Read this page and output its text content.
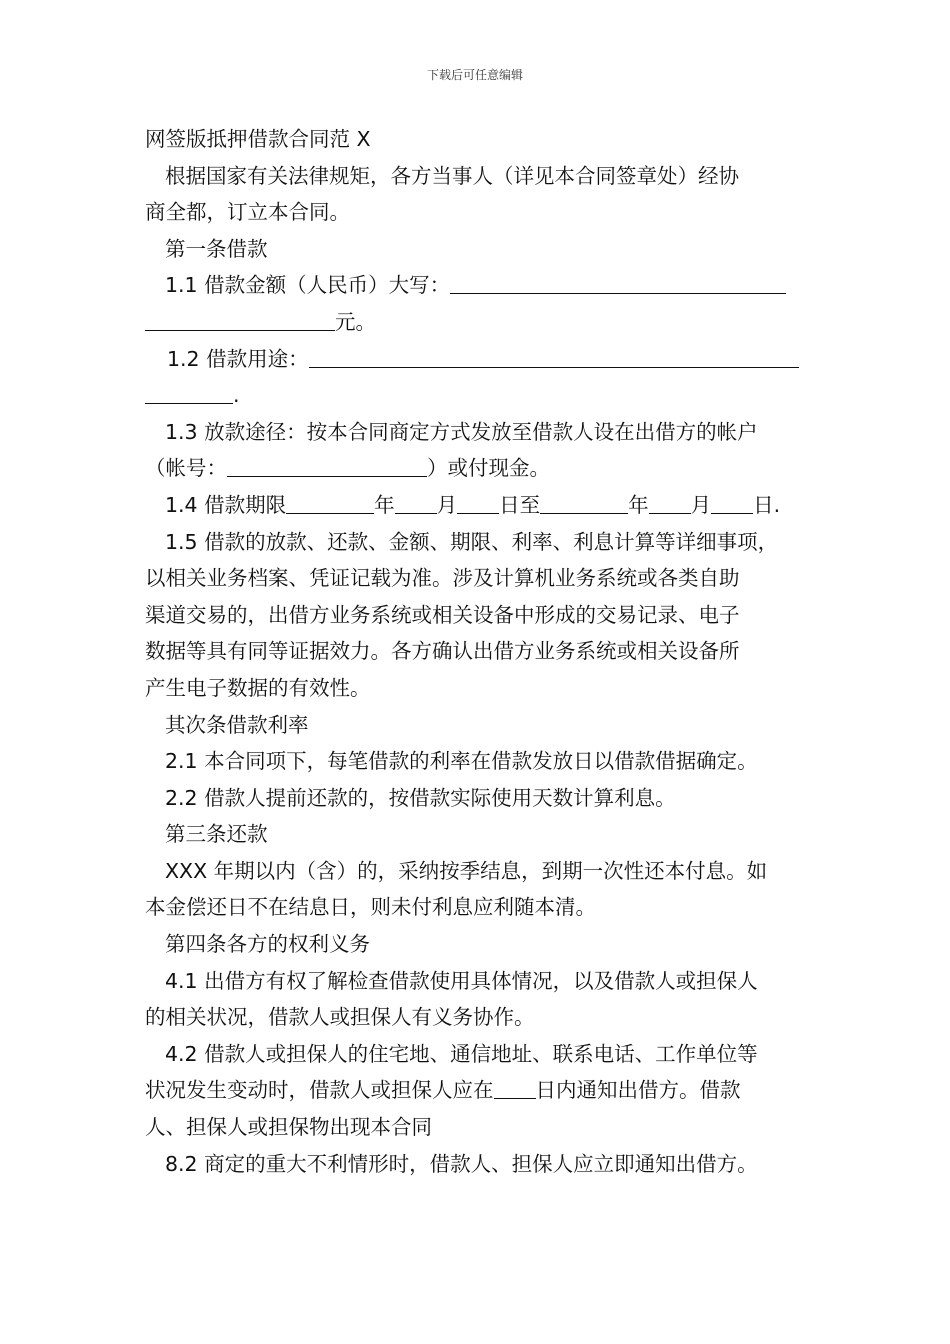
下载后可任意编辑
网签版抵押借款合同范 X
根据国家有关法律规矩，各方当事人（详见本合同签章处）经协
商全都，订立本合同。
第一条借款
1.1 借款金额（人民币）大写：
元。
1.2 借款用途：
.
1.3 放款途径：按本合同商定方式发放至借款人设在出借方的帐户
（帐号：	）或付现金。
1.4 借款期限	年 月 日至	年 月 日.
1.5 借款的放款、还款、金额、期限、利率、利息计算等详细事项，
以相关业务档案、凭证记载为准。涉及计算机业务系统或各类自助
渠道交易的，出借方业务系统或相关设备中形成的交易记录、电子
数据等具有同等证据效力。各方确认出借方业务系统或相关设备所
产生电子数据的有效性。
其次条借款利率
2.1 本合同项下，每笔借款的利率在借款发放日以借款借据确定。
2.2 借款人提前还款的，按借款实际使用天数计算利息。
第三条还款
XXX 年期以内（含）的，采纳按季结息，到期一次性还本付息。如
本金偿还日不在结息日，则未付利息应利随本清。
第四条各方的权利义务
4.1 出借方有权了解检查借款使用具体情况，以及借款人或担保人
的相关状况，借款人或担保人有义务协作。
4.2 借款人或担保人的住宅地、通信地址、联系电话、工作单位等
状况发生变动时，借款人或担保人应在 日内通知出借方。借款
人、担保人或担保物出现本合同
8.2 商定的重大不利情形时，借款人、担保人应立即通知出借方。
